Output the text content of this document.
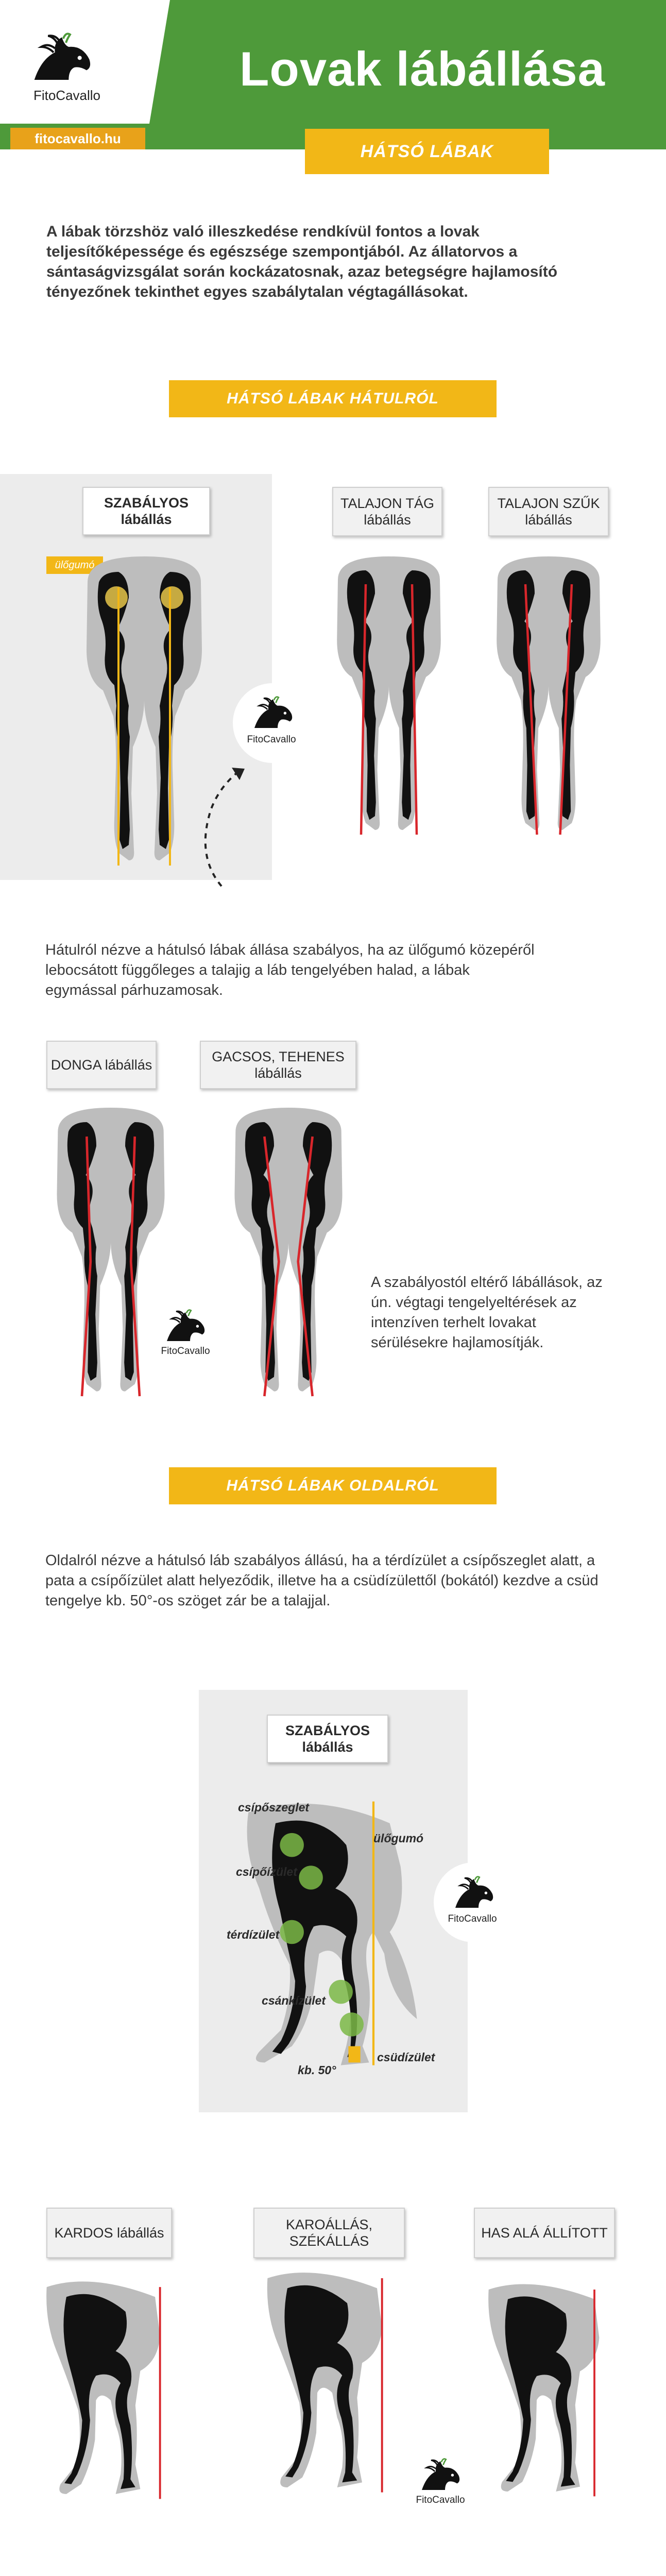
FitoCavallo
fitocavallo.hu
Lovak lábállása
HÁTSÓ LÁBAK
A lábak törzshöz való illeszkedése rendkívül fontos a lovak teljesítőképessége és egészsége szempontjából. Az állatorvos a sántaságvizsgálat során kockázatosnak, azaz betegségre hajlamosító tényezőnek tekinthet egyes szabálytalan végtagállásokat.
HÁTSÓ LÁBAK HÁTULRÓL
SZABÁLYOS lábállás
ülőgumó
TALAJON TÁG lábállás
TALAJON SZŰK lábállás
FitoCavallo
Hátulról nézve a hátulsó lábak állása szabályos, ha az ülőgumó közepéről lebocsátott függőleges a talajig a láb tengelyében halad, a lábak egymással párhuzamosak.
DONGA lábállás
GACSOS, TEHENES lábállás
FitoCavallo
A szabályostól eltérő lábállások, az ún. végtagi tengelyeltérések az intenzíven terhelt lovakat sérülésekre hajlamosítják.
HÁTSÓ LÁBAK OLDALRÓL
Oldalról nézve a hátulsó láb szabályos állású, ha a térdízület a csípőszeglet alatt, a pata a csípőízület alatt helyeződik, illetve ha a csüdízülettől (bokától) kezdve a csüd tengelye kb. 50°-os szöget zár be a talajjal.
SZABÁLYOS lábállás
csípőszeglet
ülőgumó
csípőízület
térdízület
csánkízület
csüdízület
kb. 50°
FitoCavallo
KARDOS lábállás
KAROÁLLÁS, SZÉKÁLLÁS
HAS ALÁ ÁLLÍTOTT
FitoCavallo
